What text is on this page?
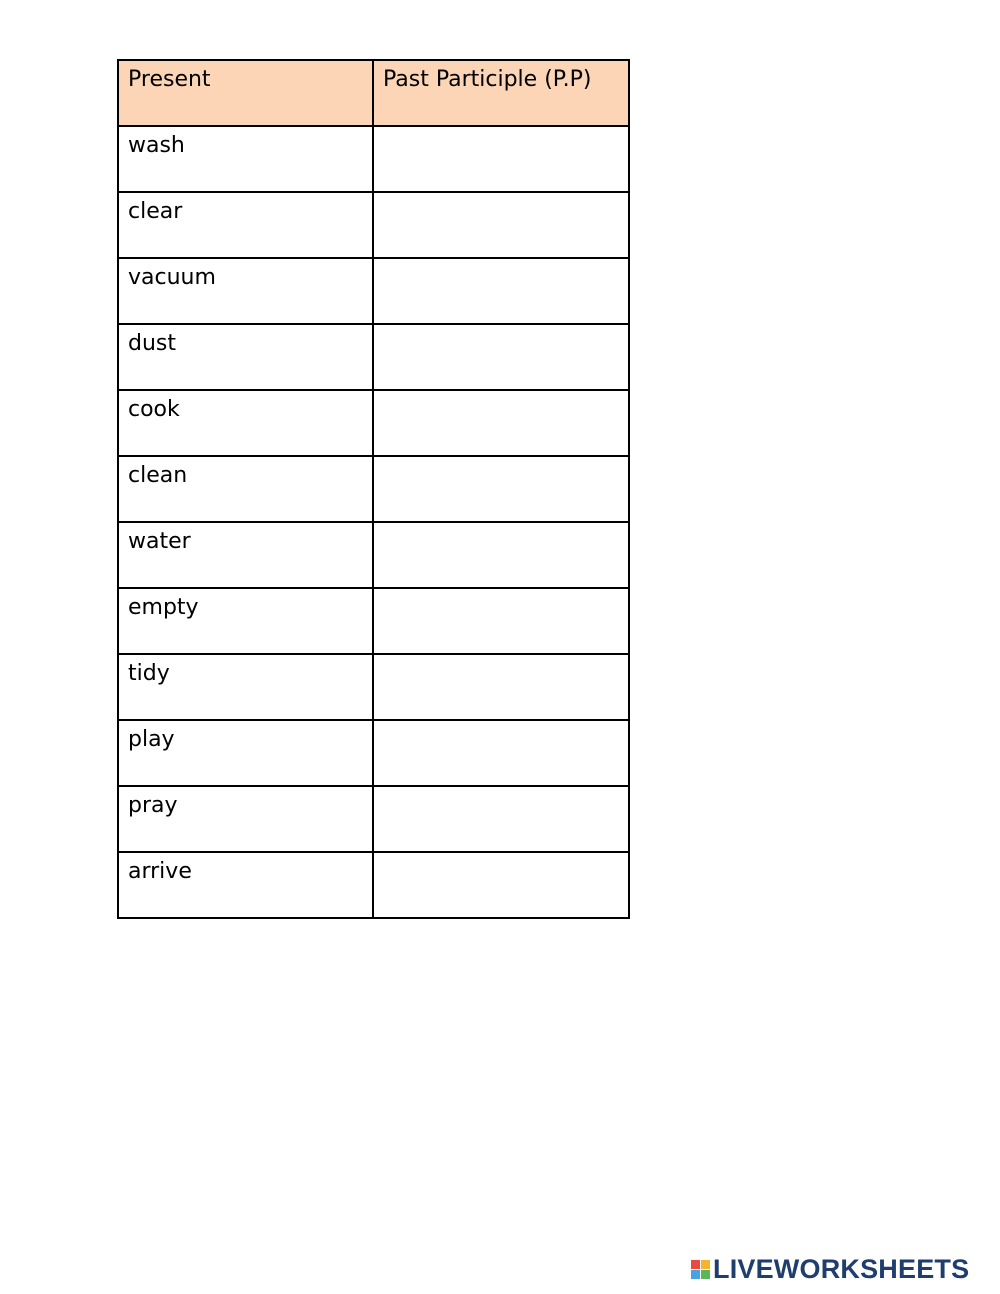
Present	Past Participle (P.P)
wash	
clear	
vacuum	
dust	
cook	
clean	
water	
empty	
tidy	
play	
pray	
arrive	
LIVEWORKSHEETS
